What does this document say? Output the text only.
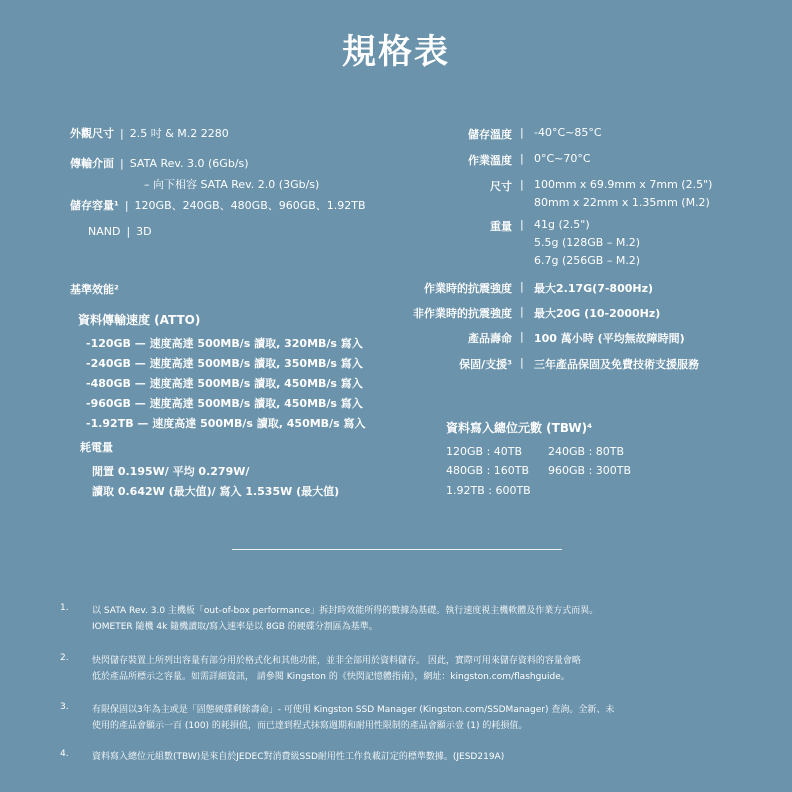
規格表
外觀尺寸 | 2.5 吋 & M.2 2280
傳輸介面 | SATA Rev. 3.0 (6Gb/s)
– 向下相容 SATA Rev. 2.0 (3Gb/s)
儲存容量¹ | 120GB、240GB、480GB、960GB、1.92TB
NAND | 3D
基準效能²
資料傳輸速度 (ATTO)
-120GB — 速度高達 500MB/s 讀取, 320MB/s 寫入
-240GB — 速度高達 500MB/s 讀取, 350MB/s 寫入
-480GB — 速度高達 500MB/s 讀取, 450MB/s 寫入
-960GB — 速度高達 500MB/s 讀取, 450MB/s 寫入
-1.92TB — 速度高達 500MB/s 讀取, 450MB/s 寫入
耗電量
閒置 0.195W/ 平均 0.279W/
讀取 0.642W (最大值)/ 寫入 1.535W (最大值)
儲存溫度 | -40°C~85°C
作業溫度 | 0°C~70°C
尺寸 | 100mm x 69.9mm x 7mm (2.5")
80mm x 22mm x 1.35mm (M.2)
重量 | 41g (2.5")
5.5g (128GB – M.2)
6.7g (256GB – M.2)
作業時的抗震強度 | 最大2.17G(7-800Hz)
非作業時的抗震強度 | 最大20G (10-2000Hz)
產品壽命 | 100 萬小時 (平均無故障時間)
保固/支援³ | 三年產品保固及免費技術支援服務
資料寫入總位元數 (TBW)⁴
120GB : 40TB 240GB : 80TB
480GB : 160TB 960GB : 300TB
1.92TB : 600TB
1.	以 SATA Rev. 3.0 主機板「out-of-box performance」拆封時效能所得的數據為基礎。執行速度視主機軟體及作業方式而異。
IOMETER 隨機 4k 隨機讀取/寫入速率是以 8GB 的硬碟分割區為基準。
2.	快閃儲存裝置上所列出容量有部分用於格式化和其他功能，並非全部用於資料儲存。 因此，實際可用來儲存資料的容量會略
低於產品所標示之容量。如需詳細資訊， 請參閱 Kingston 的《快閃記憶體指南》，網址：kingston.com/flashguide。
3.	有限保固以3年為主或是「固態硬碟剩餘壽命」- 可使用 Kingston SSD Manager (Kingston.com/SSDManager) 查詢。全新、未
使用的產品會顯示一百 (100) 的耗損值，而已達到程式抹寫週期和耐用性限制的產品會顯示壹 (1) 的耗損值。
4.	資料寫入總位元組數(TBW)是來自於JEDEC對消費級SSD耐用性工作負載訂定的標準數據。(JESD219A)
